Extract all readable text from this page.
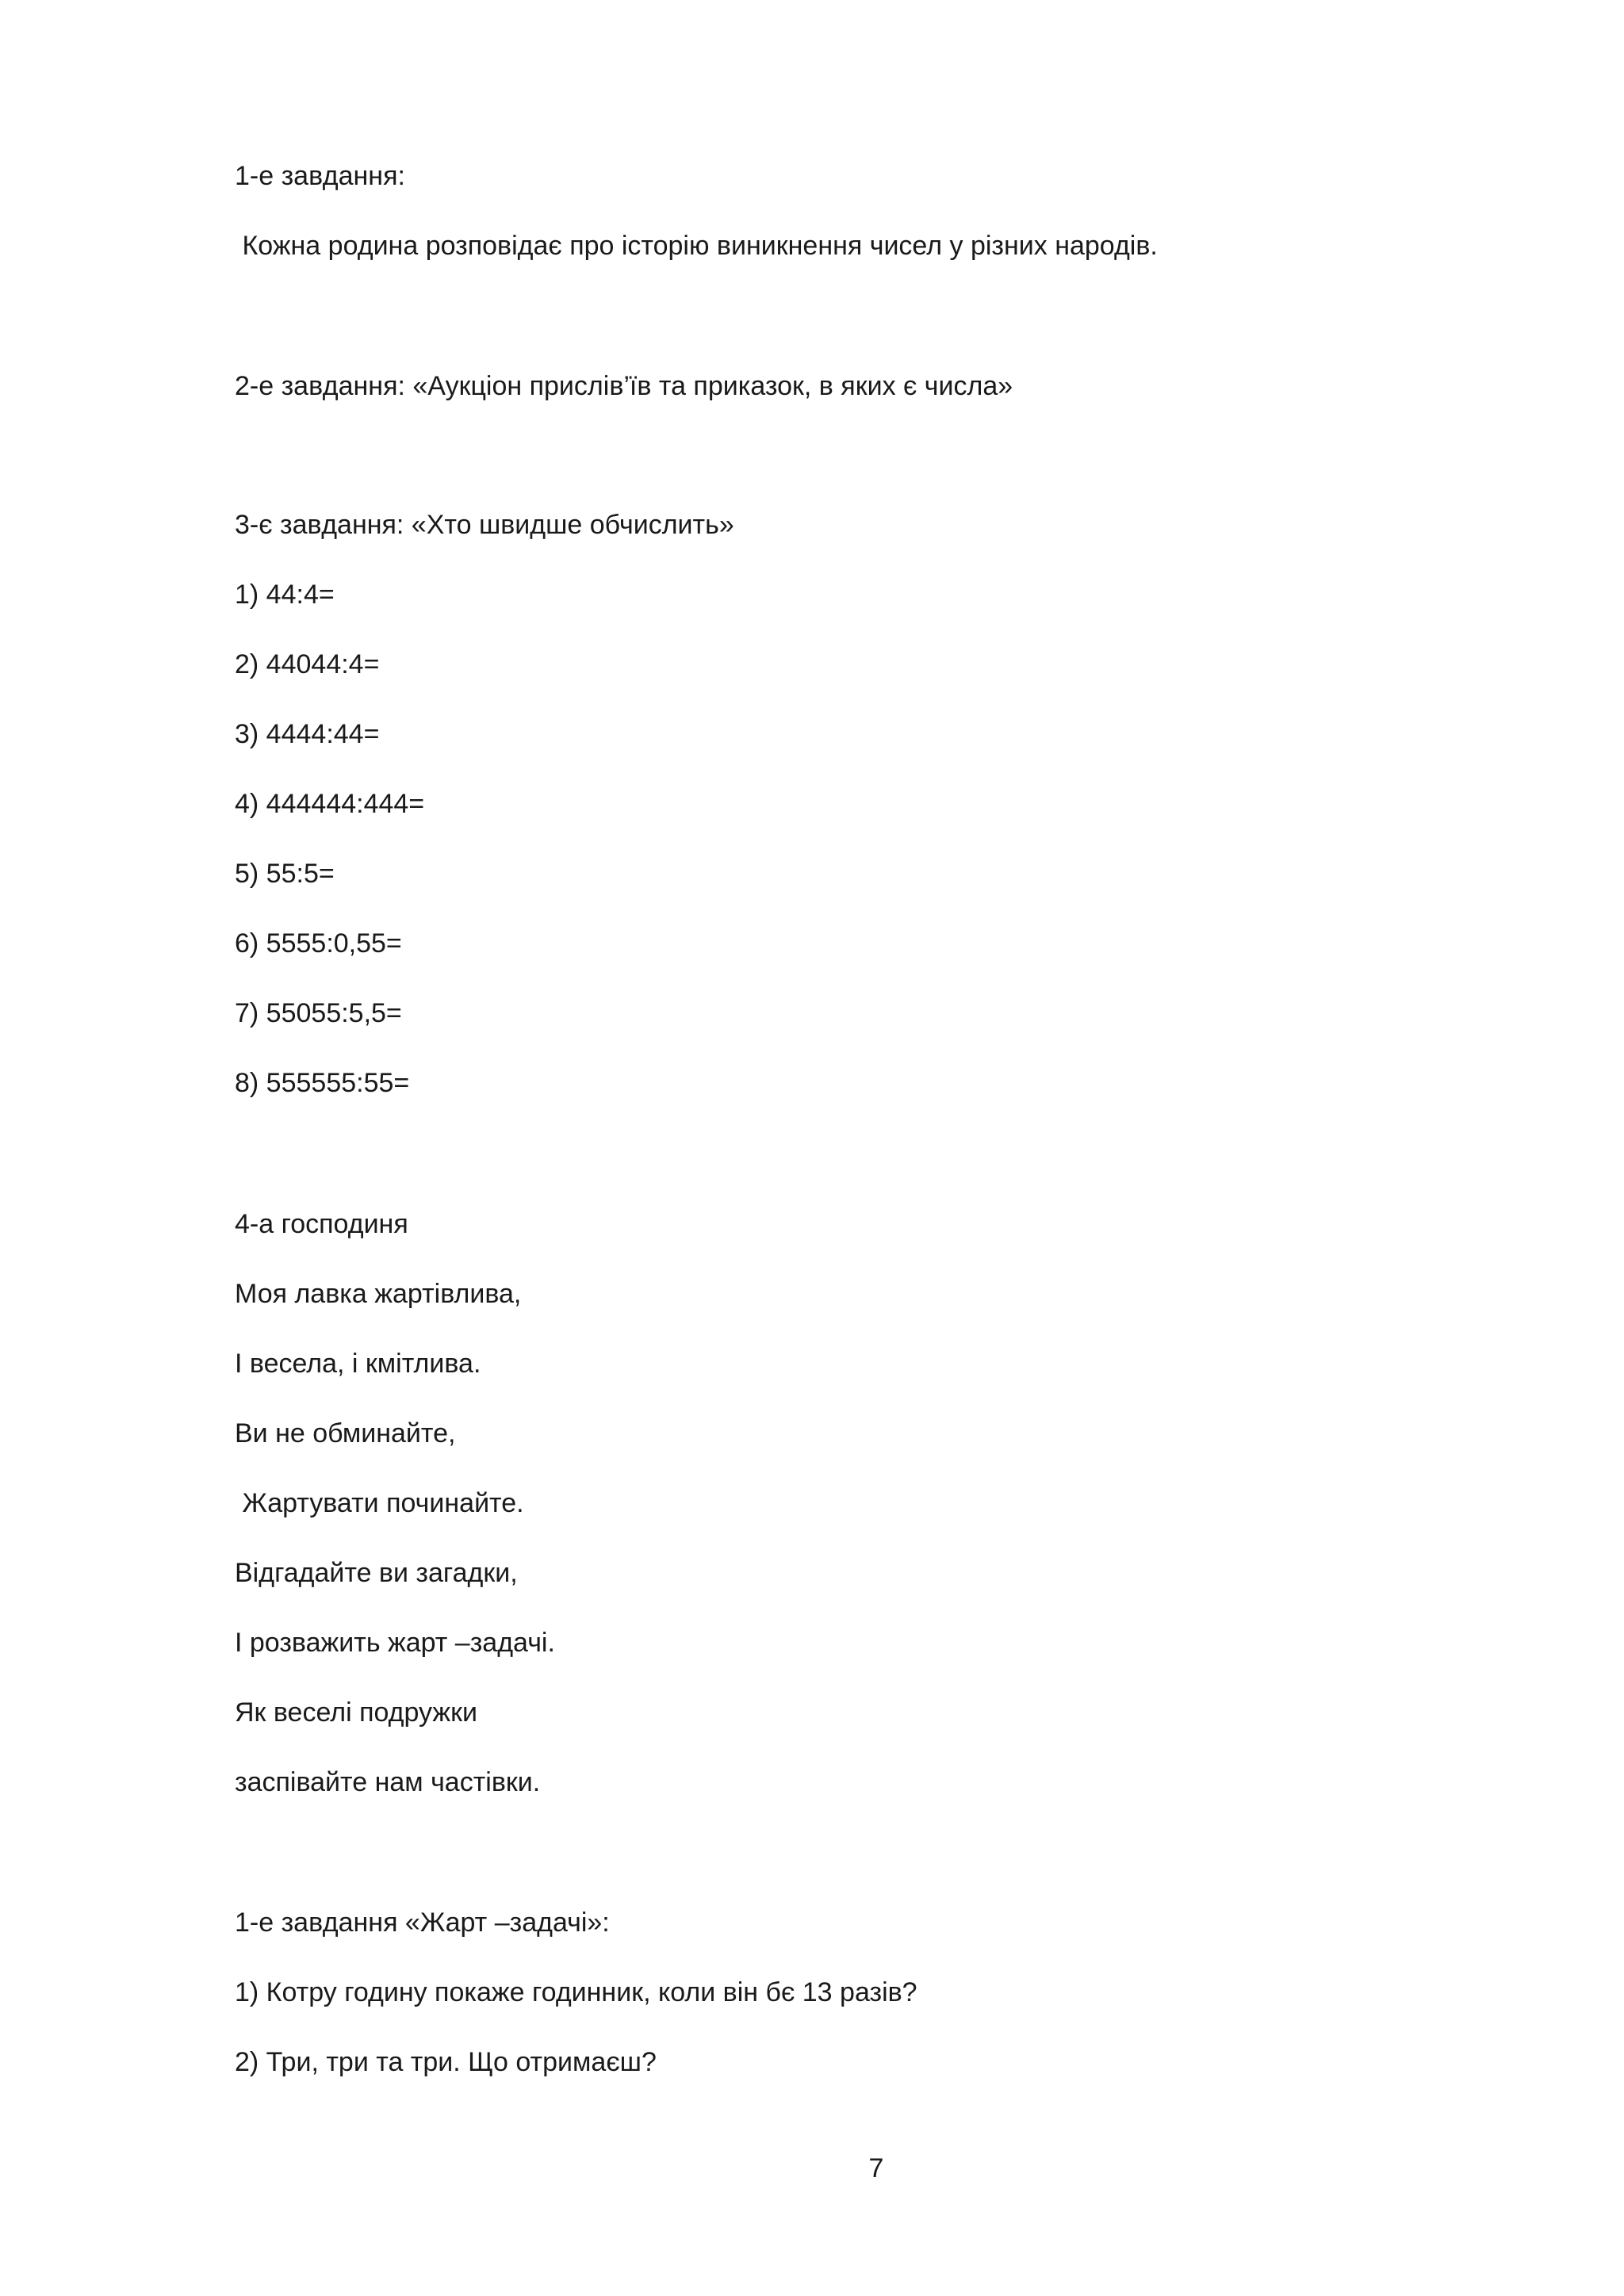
1-е завдання:
Кожна родина розповідає про історію виникнення чисел у різних народів.
2-е завдання: «Аукціон прислів’їв та приказок, в яких є числа»
3-є завдання: «Хто швидше обчислить»
1) 44:4=
2) 44044:4=
3) 4444:44=
4) 444444:444=
5) 55:5=
6) 5555:0,55=
7) 55055:5,5=
8) 555555:55=
4-а господиня
Моя лавка жартівлива,
І весела, і кмітлива.
Ви не обминайте,
Жартувати починайте.
Відгадайте ви загадки,
І розважить жарт –задачі.
Як веселі подружки
заспівайте нам частівки.
1-е завдання «Жарт –задачі»:
1) Котру годину покаже годинник, коли він бє 13 разів?
2) Три, три та три. Що отримаєш?
7
